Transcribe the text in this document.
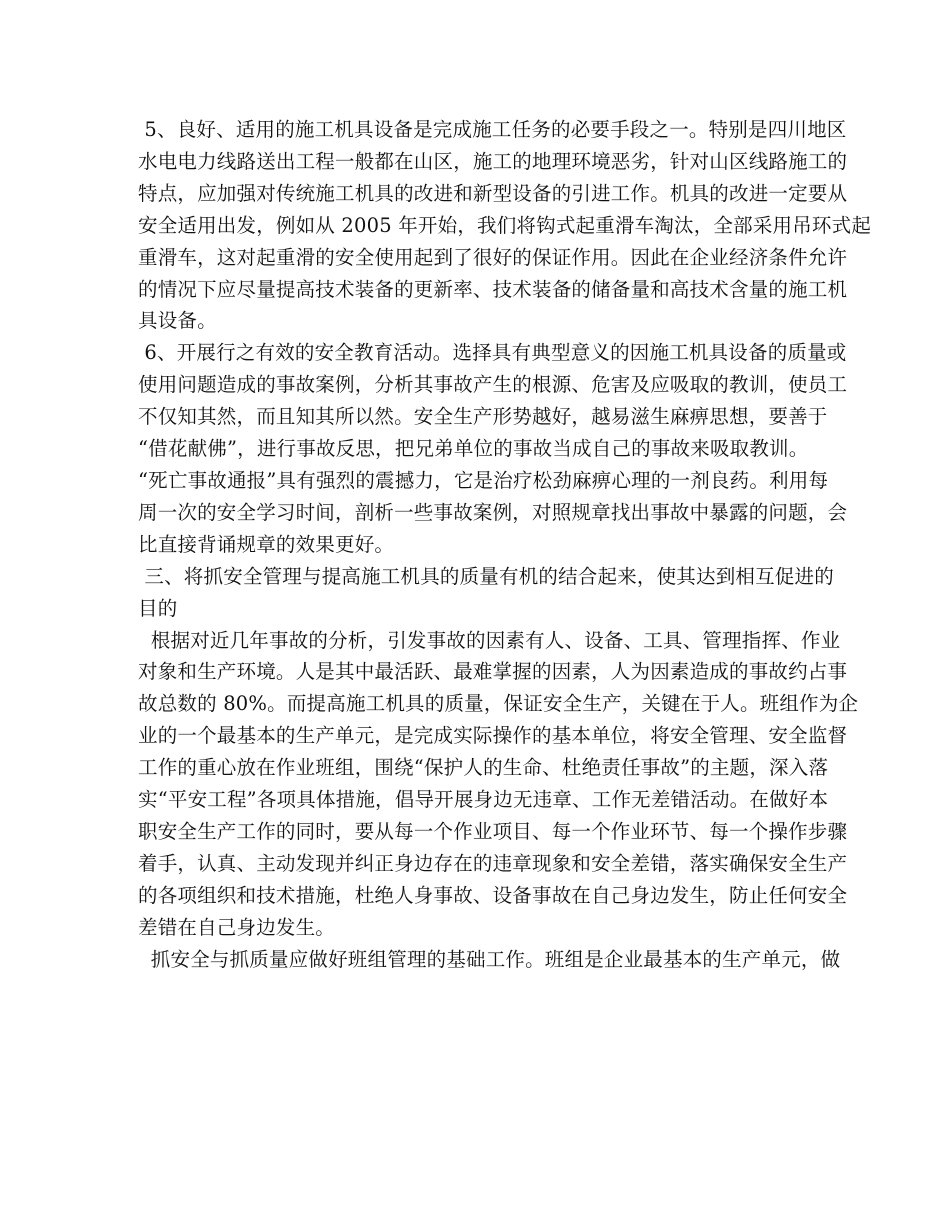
5、良好、适用的施工机具设备是完成施工任务的必要手段之一。特别是四川地区
水电电力线路送出工程一般都在山区，施工的地理环境恶劣，针对山区线路施工的
特点，应加强对传统施工机具的改进和新型设备的引进工作。机具的改进一定要从
安全适用出发，例如从 2005 年开始，我们将钩式起重滑车淘汰，全部采用吊环式起
重滑车，这对起重滑的安全使用起到了很好的保证作用。因此在企业经济条件允许
的情况下应尽量提高技术装备的更新率、技术装备的储备量和高技术含量的施工机
具设备。
6、开展行之有效的安全教育活动。选择具有典型意义的因施工机具设备的质量或
使用问题造成的事故案例，分析其事故产生的根源、危害及应吸取的教训，使员工
不仅知其然，而且知其所以然。安全生产形势越好，越易滋生麻痹思想，要善于
“借花献佛”，进行事故反思，把兄弟单位的事故当成自己的事故来吸取教训。
“死亡事故通报”具有强烈的震撼力，它是治疗松劲麻痹心理的一剂良药。利用每
周一次的安全学习时间，剖析一些事故案例，对照规章找出事故中暴露的问题，会
比直接背诵规章的效果更好。
三、将抓安全管理与提高施工机具的质量有机的结合起来，使其达到相互促进的
目的
根据对近几年事故的分析，引发事故的因素有人、设备、工具、管理指挥、作业
对象和生产环境。人是其中最活跃、最难掌握的因素，人为因素造成的事故约占事
故总数的 80%。而提高施工机具的质量，保证安全生产，关键在于人。班组作为企
业的一个最基本的生产单元，是完成实际操作的基本单位，将安全管理、安全监督
工作的重心放在作业班组，围绕“保护人的生命、杜绝责任事故”的主题，深入落
实“平安工程”各项具体措施，倡导开展身边无违章、工作无差错活动。在做好本
职安全生产工作的同时，要从每一个作业项目、每一个作业环节、每一个操作步骤
着手，认真、主动发现并纠正身边存在的违章现象和安全差错，落实确保安全生产
的各项组织和技术措施，杜绝人身事故、设备事故在自己身边发生，防止任何安全
差错在自己身边发生。
抓安全与抓质量应做好班组管理的基础工作。班组是企业最基本的生产单元，做
